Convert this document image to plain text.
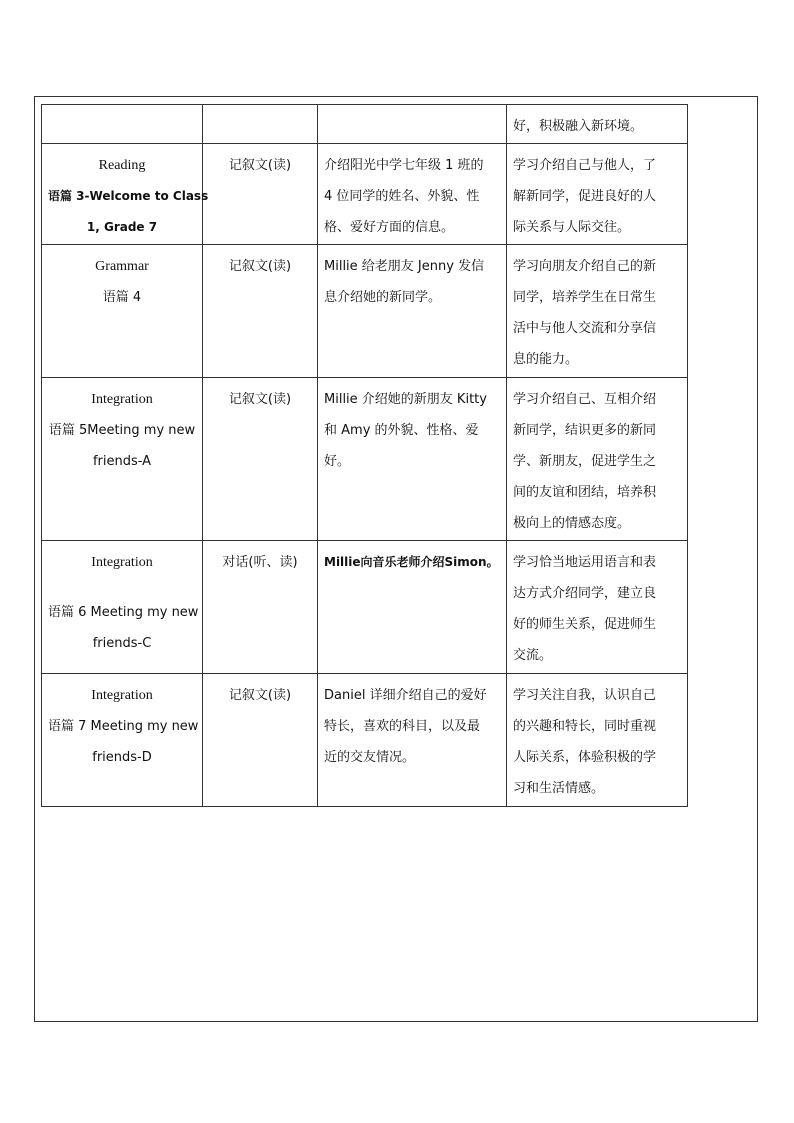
			好，积极融入新环境。

Reading
语篇 3-Welcome to Class
1, Grade 7	记叙文(读)	介绍阳光中学七年级 1 班的
4 位同学的姓名、外貌、性
格、爱好方面的信息。	学习介绍自己与他人，了
解新同学，促进良好的人
际关系与人际交往。

Grammar
语篇 4	记叙文(读)	Millie 给老朋友 Jenny 发信
息介绍她的新同学。	学习向朋友介绍自己的新
同学，培养学生在日常生
活中与他人交流和分享信
息的能力。

Integration
语篇 5Meeting my new
friends-A	记叙文(读)	Millie 介绍她的新朋友 Kitty
和 Amy 的外貌、性格、爱
好。	学习介绍自己、互相介绍
新同学，结识更多的新同
学、新朋友，促进学生之
间的友谊和团结，培养积
极向上的情感态度。

Integration
语篇 6 Meeting my new
friends-C	对话(听、读)	Millie向音乐老师介绍Simon。	学习恰当地运用语言和表
达方式介绍同学，建立良
好的师生关系，促进师生
交流。

Integration
语篇 7 Meeting my new
friends-D	记叙文(读)	Daniel 详细介绍自己的爱好
特长，喜欢的科目，以及最
近的交友情况。	学习关注自我，认识自己
的兴趣和特长，同时重视
人际关系，体验积极的学
习和生活情感。
